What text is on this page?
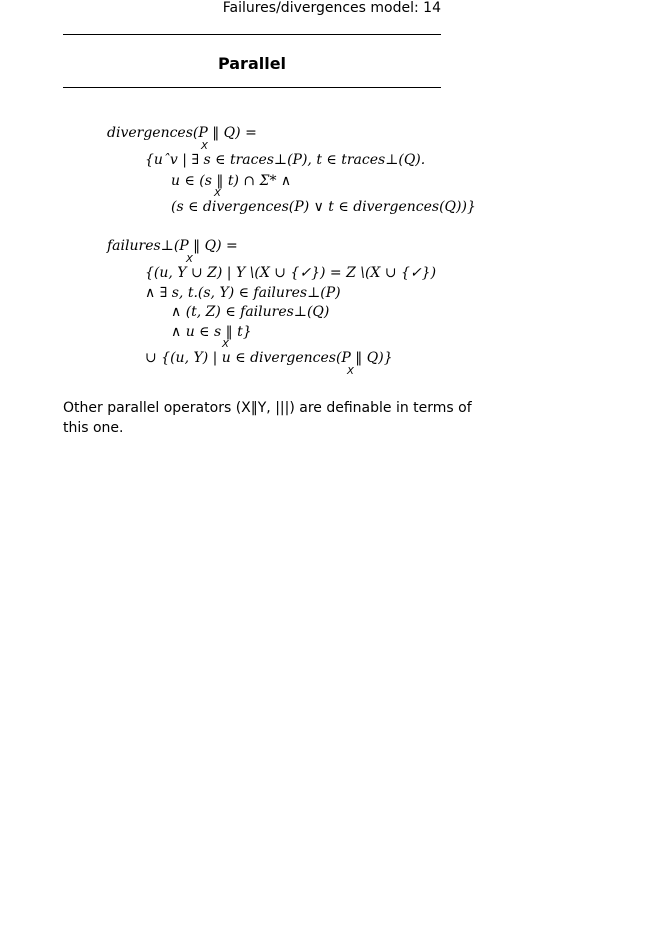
Failures/divergences model: 14
Parallel
divergences(P ‖ Q) =
X
{uˆv | ∃ s ∈ traces⊥(P), t ∈ traces⊥(Q).
u ∈ (s ‖ t) ∩ Σ* ∧
X
(s ∈ divergences(P) ∨ t ∈ divergences(Q))}
failures⊥(P ‖ Q) =
X
{(u, Y ∪ Z) | Y \(X ∪ {✓}) = Z \(X ∪ {✓})
∧ ∃ s, t.(s, Y) ∈ failures⊥(P)
∧ (t, Z) ∈ failures⊥(Q)
∧ u ∈ s ‖ t}
X
∪ {(u, Y) | u ∈ divergences(P ‖ Q)}
X
Other parallel operators (X‖Y, |||) are definable in terms of
this one.
